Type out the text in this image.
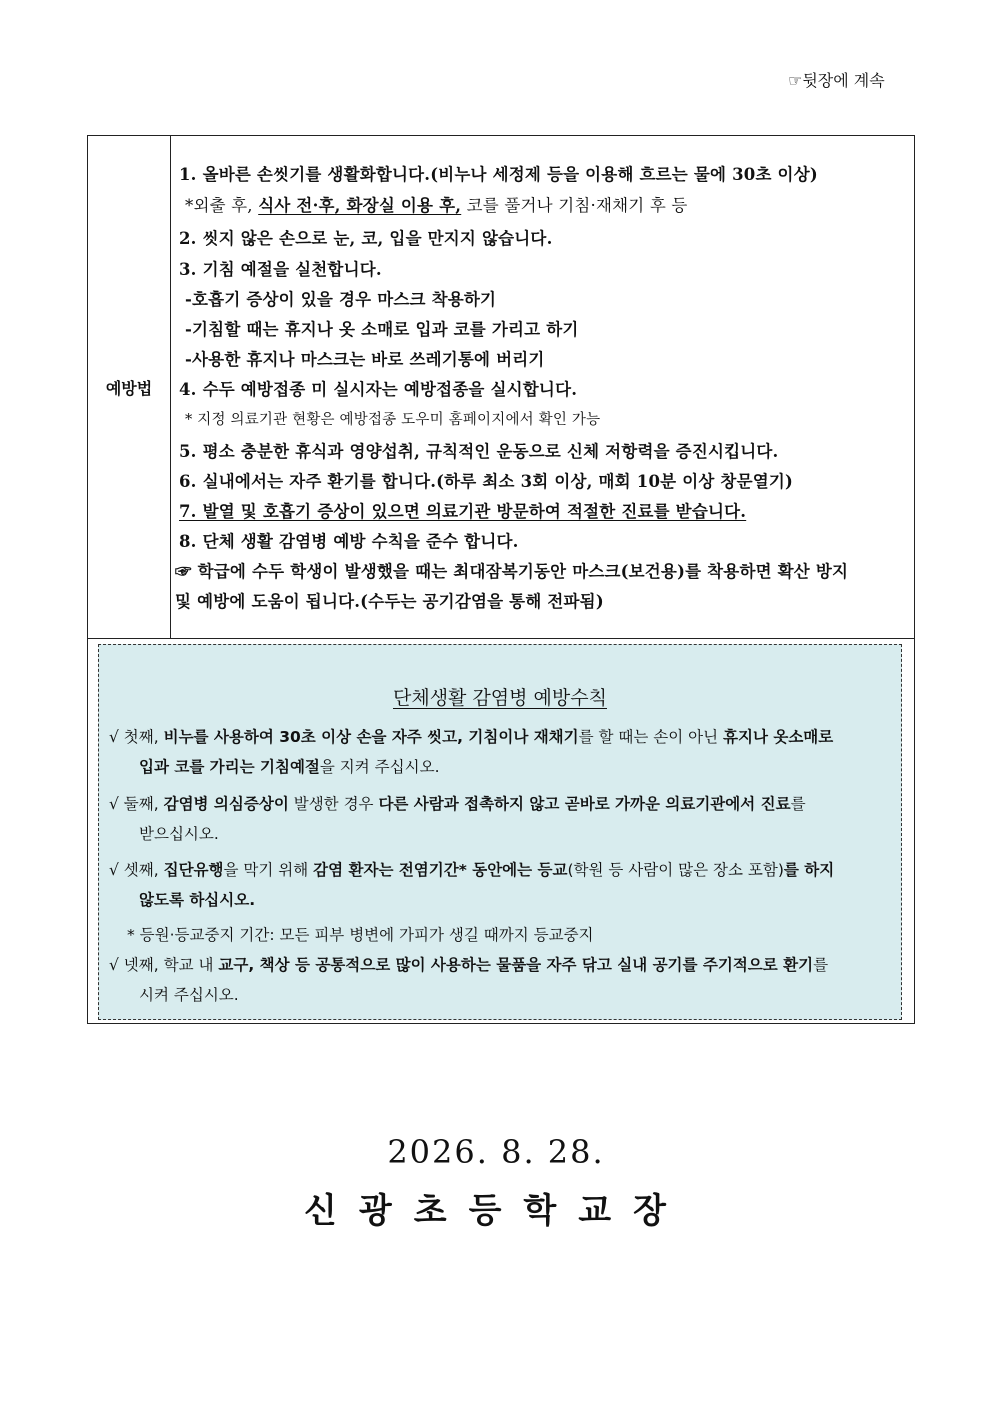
☞뒷장에 계속
예방법
1. 올바른 손씻기를 생활화합니다.(비누나 세정제 등을 이용해 흐르는 물에 30초 이상)
*외출 후, 식사 전·후, 화장실 이용 후, 코를 풀거나 기침·재채기 후 등
2. 씻지 않은 손으로 눈, 코, 입을 만지지 않습니다.
3. 기침 예절을 실천합니다.
-호흡기 증상이 있을 경우 마스크 착용하기
-기침할 때는 휴지나 옷 소매로 입과 코를 가리고 하기
-사용한 휴지나 마스크는 바로 쓰레기통에 버리기
4. 수두 예방접종 미 실시자는 예방접종을 실시합니다.
* 지정 의료기관 현황은 예방접종 도우미 홈페이지에서 확인 가능
5. 평소 충분한 휴식과 영양섭취, 규칙적인 운동으로 신체 저항력을 증진시킵니다.
6. 실내에서는 자주 환기를 합니다.(하루 최소 3회 이상, 매회 10분 이상 창문열기)
7. 발열 및 호흡기 증상이 있으면 의료기관 방문하여 적절한 진료를 받습니다.
8. 단체 생활 감염병 예방 수칙을 준수 합니다.
☞ 학급에 수두 학생이 발생했을 때는 최대잠복기동안 마스크(보건용)를 착용하면 확산 방지
및 예방에 도움이 됩니다.(수두는 공기감염을 통해 전파됨)
단체생활 감염병 예방수칙
√ 첫째, 비누를 사용하여 30초 이상 손을 자주 씻고, 기침이나 재채기를 할 때는 손이 아닌 휴지나 옷소매로
입과 코를 가리는 기침예절을 지켜 주십시오.
√ 둘째, 감염병 의심증상이 발생한 경우 다른 사람과 접촉하지 않고 곧바로 가까운 의료기관에서 진료를
받으십시오.
√ 셋째, 집단유행을 막기 위해 감염 환자는 전염기간* 동안에는 등교(학원 등 사람이 많은 장소 포함)를 하지
않도록 하십시오.
* 등원·등교중지 기간: 모든 피부 병변에 가피가 생길 때까지 등교중지
√ 넷째, 학교 내 교구, 책상 등 공통적으로 많이 사용하는 물품을 자주 닦고 실내 공기를 주기적으로 환기를
시켜 주십시오.
2026. 8. 28.
신광초등학교장
